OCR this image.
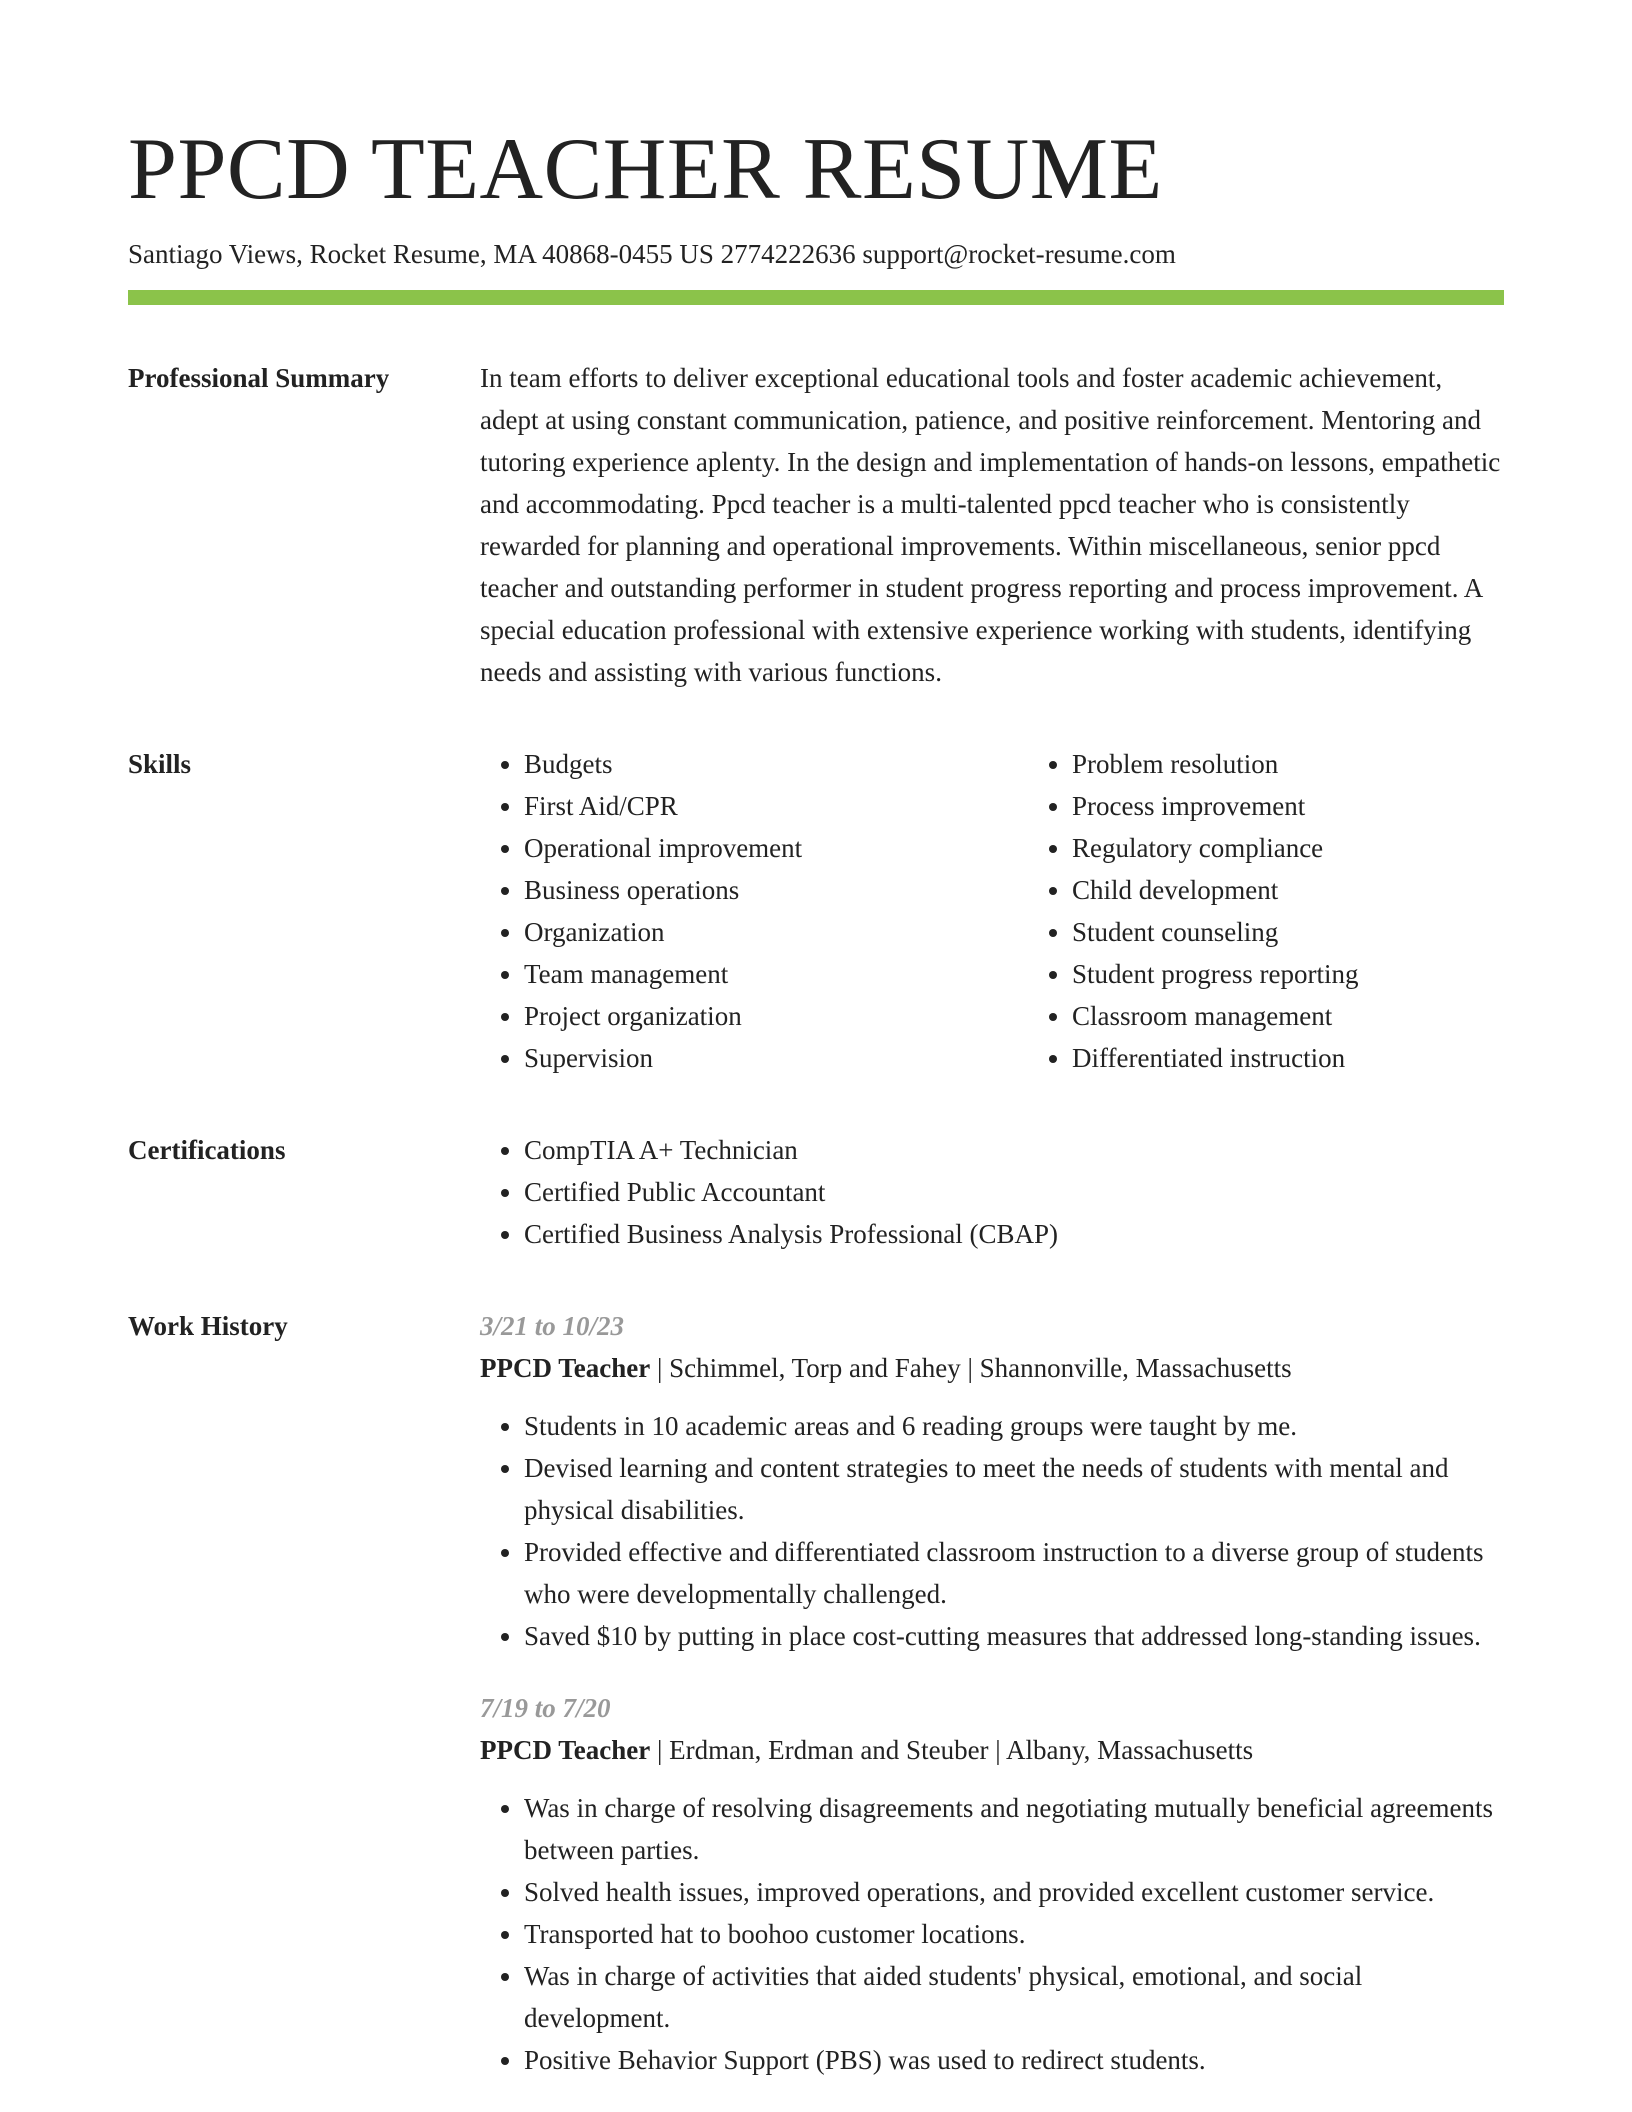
PPCD TEACHER RESUME
Santiago Views, Rocket Resume, MA 40868-0455 US 2774222636 support@rocket-resume.com
Professional Summary	In team efforts to deliver exceptional educational tools and foster academic achievement, adept at using constant communication, patience, and positive reinforcement. Mentoring and tutoring experience aplenty. In the design and implementation of hands-on lessons, empathetic and accommodating. Ppcd teacher is a multi-talented ppcd teacher who is consistently rewarded for planning and operational improvements. Within miscellaneous, senior ppcd teacher and outstanding performer in student progress reporting and process improvement. A special education professional with extensive experience working with students, identifying needs and assisting with various functions.

Skills	• Budgets
• First Aid/CPR
• Operational improvement
• Business operations
• Organization
• Team management
• Project organization
• Supervision
• Problem resolution
• Process improvement
• Regulatory compliance
• Child development
• Student counseling
• Student progress reporting
• Classroom management
• Differentiated instruction
Certifications	• CompTIA A+ Technician
• Certified Public Accountant
• Certified Business Analysis Professional (CBAP)
Work History	3/21 to 10/23
PPCD Teacher | Schimmel, Torp and Fahey | Shannonville, Massachusetts
• Students in 10 academic areas and 6 reading groups were taught by me.
• Devised learning and content strategies to meet the needs of students with mental and physical disabilities.
• Provided effective and differentiated classroom instruction to a diverse group of students who were developmentally challenged.
• Saved $10 by putting in place cost-cutting measures that addressed long-standing issues.
7/19 to 7/20
PPCD Teacher | Erdman, Erdman and Steuber | Albany, Massachusetts
• Was in charge of resolving disagreements and negotiating mutually beneficial agreements between parties.
• Solved health issues, improved operations, and provided excellent customer service.
• Transported hat to boohoo customer locations.
• Was in charge of activities that aided students' physical, emotional, and social development.
• Positive Behavior Support (PBS) was used to redirect students.
